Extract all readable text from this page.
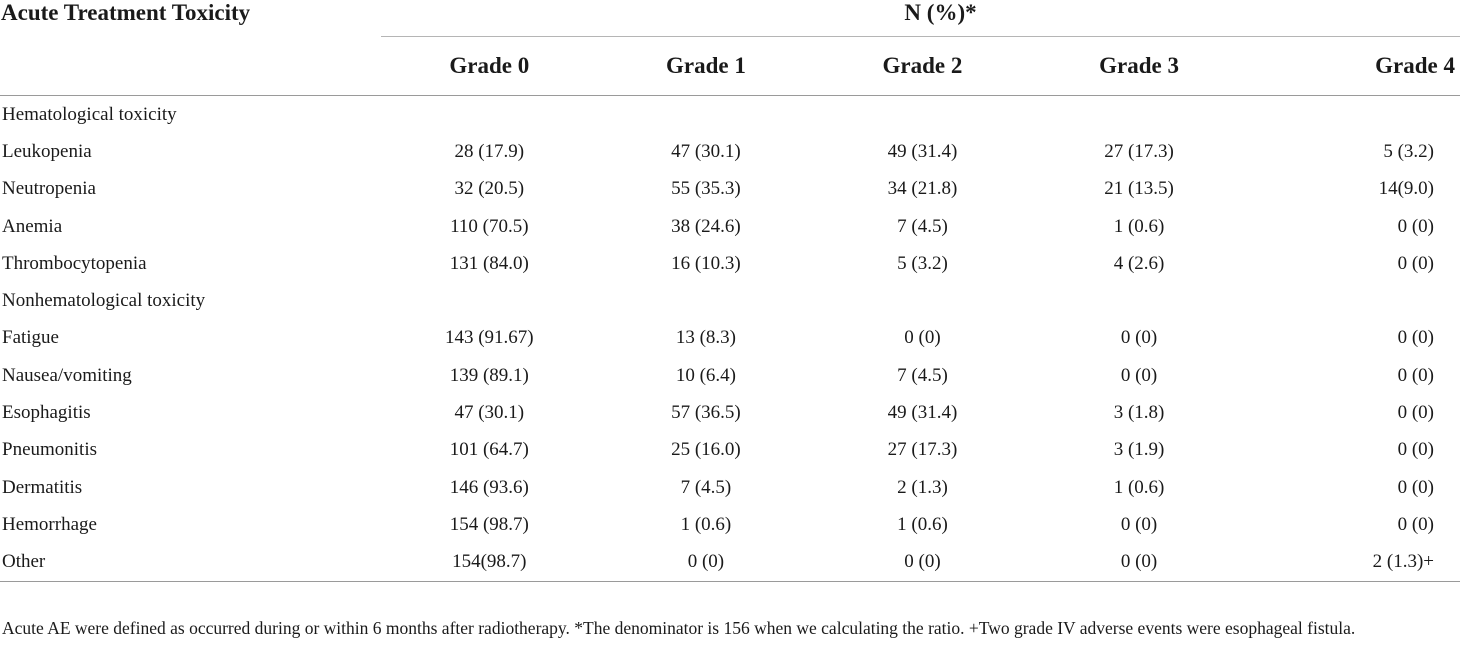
Acute Treatment Toxicity	N (%)*				
	Grade 0	Grade 1	Grade 2	Grade 3	Grade 4
Hematological toxicity					
Leukopenia	28 (17.9)	47 (30.1)	49 (31.4)	27 (17.3)	5 (3.2)
Neutropenia	32 (20.5)	55 (35.3)	34 (21.8)	21 (13.5)	14(9.0)
Anemia	110 (70.5)	38 (24.6)	7 (4.5)	1 (0.6)	0 (0)
Thrombocytopenia	131 (84.0)	16 (10.3)	5 (3.2)	4 (2.6)	0 (0)
Nonhematological toxicity					
Fatigue	143 (91.67)	13 (8.3)	0 (0)	0 (0)	0 (0)
Nausea/vomiting	139 (89.1)	10 (6.4)	7 (4.5)	0 (0)	0 (0)
Esophagitis	47 (30.1)	57 (36.5)	49 (31.4)	3 (1.8)	0 (0)
Pneumonitis	101 (64.7)	25 (16.0)	27 (17.3)	3 (1.9)	0 (0)
Dermatitis	146 (93.6)	7 (4.5)	2 (1.3)	1 (0.6)	0 (0)
Hemorrhage	154 (98.7)	1 (0.6)	1 (0.6)	0 (0)	0 (0)
Other	154(98.7)	0 (0)	0 (0)	0 (0)	2 (1.3)+
Acute AE were defined as occurred during or within 6 months after radiotherapy. *The denominator is 156 when we calculating the ratio. +Two grade IV adverse events were esophageal fistula.
